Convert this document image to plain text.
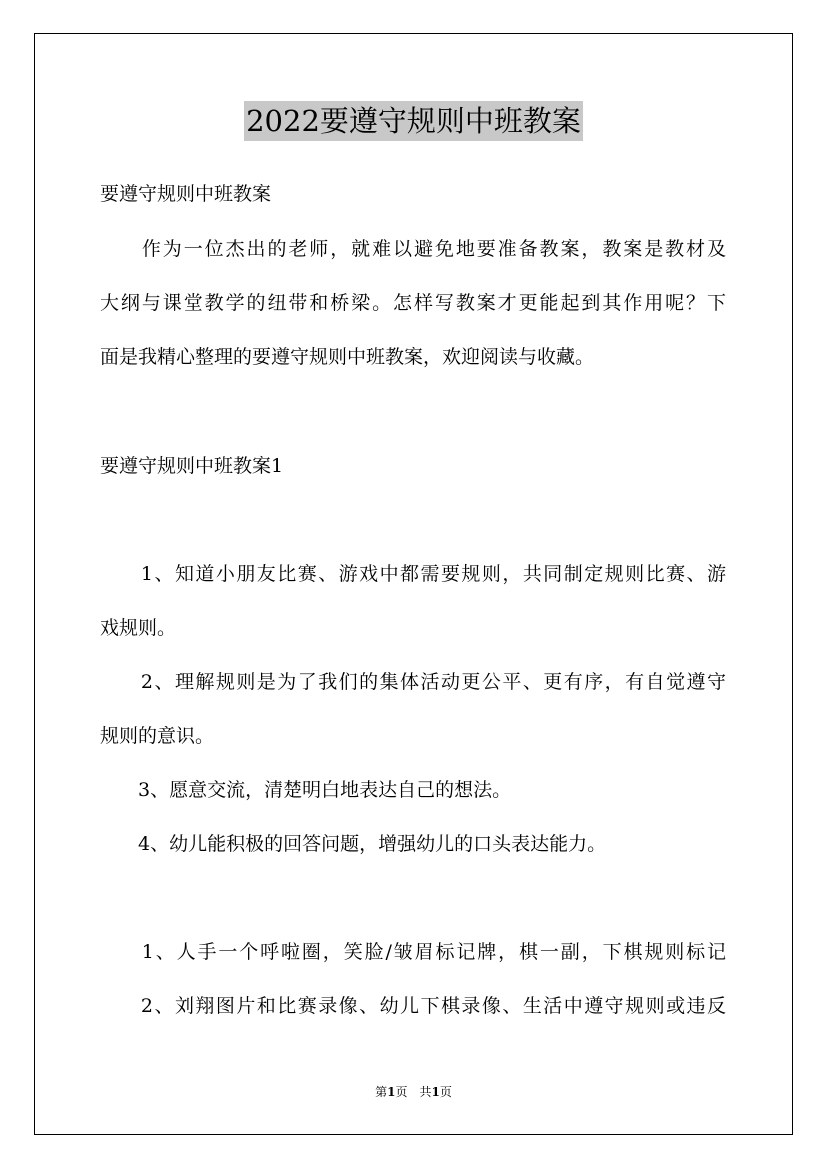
2022要遵守规则中班教案
要遵守规则中班教案
　　作为一位杰出的老师，就难以避免地要准备教案，教案是教材及
大纲与课堂教学的纽带和桥梁。怎样写教案才更能起到其作用呢？下
面是我精心整理的要遵守规则中班教案，欢迎阅读与收藏。
要遵守规则中班教案1
　　1、知道小朋友比赛、游戏中都需要规则，共同制定规则比赛、游
戏规则。
　　2、理解规则是为了我们的集体活动更公平、更有序，有自觉遵守
规则的意识。
　　3、愿意交流，清楚明白地表达自己的想法。
　　4、幼儿能积极的回答问题，增强幼儿的口头表达能力。
　　1、人手一个呼啦圈，笑脸/皱眉标记牌，棋一副，下棋规则标记
　　2、刘翔图片和比赛录像、幼儿下棋录像、生活中遵守规则或违反
第1页　共1页
